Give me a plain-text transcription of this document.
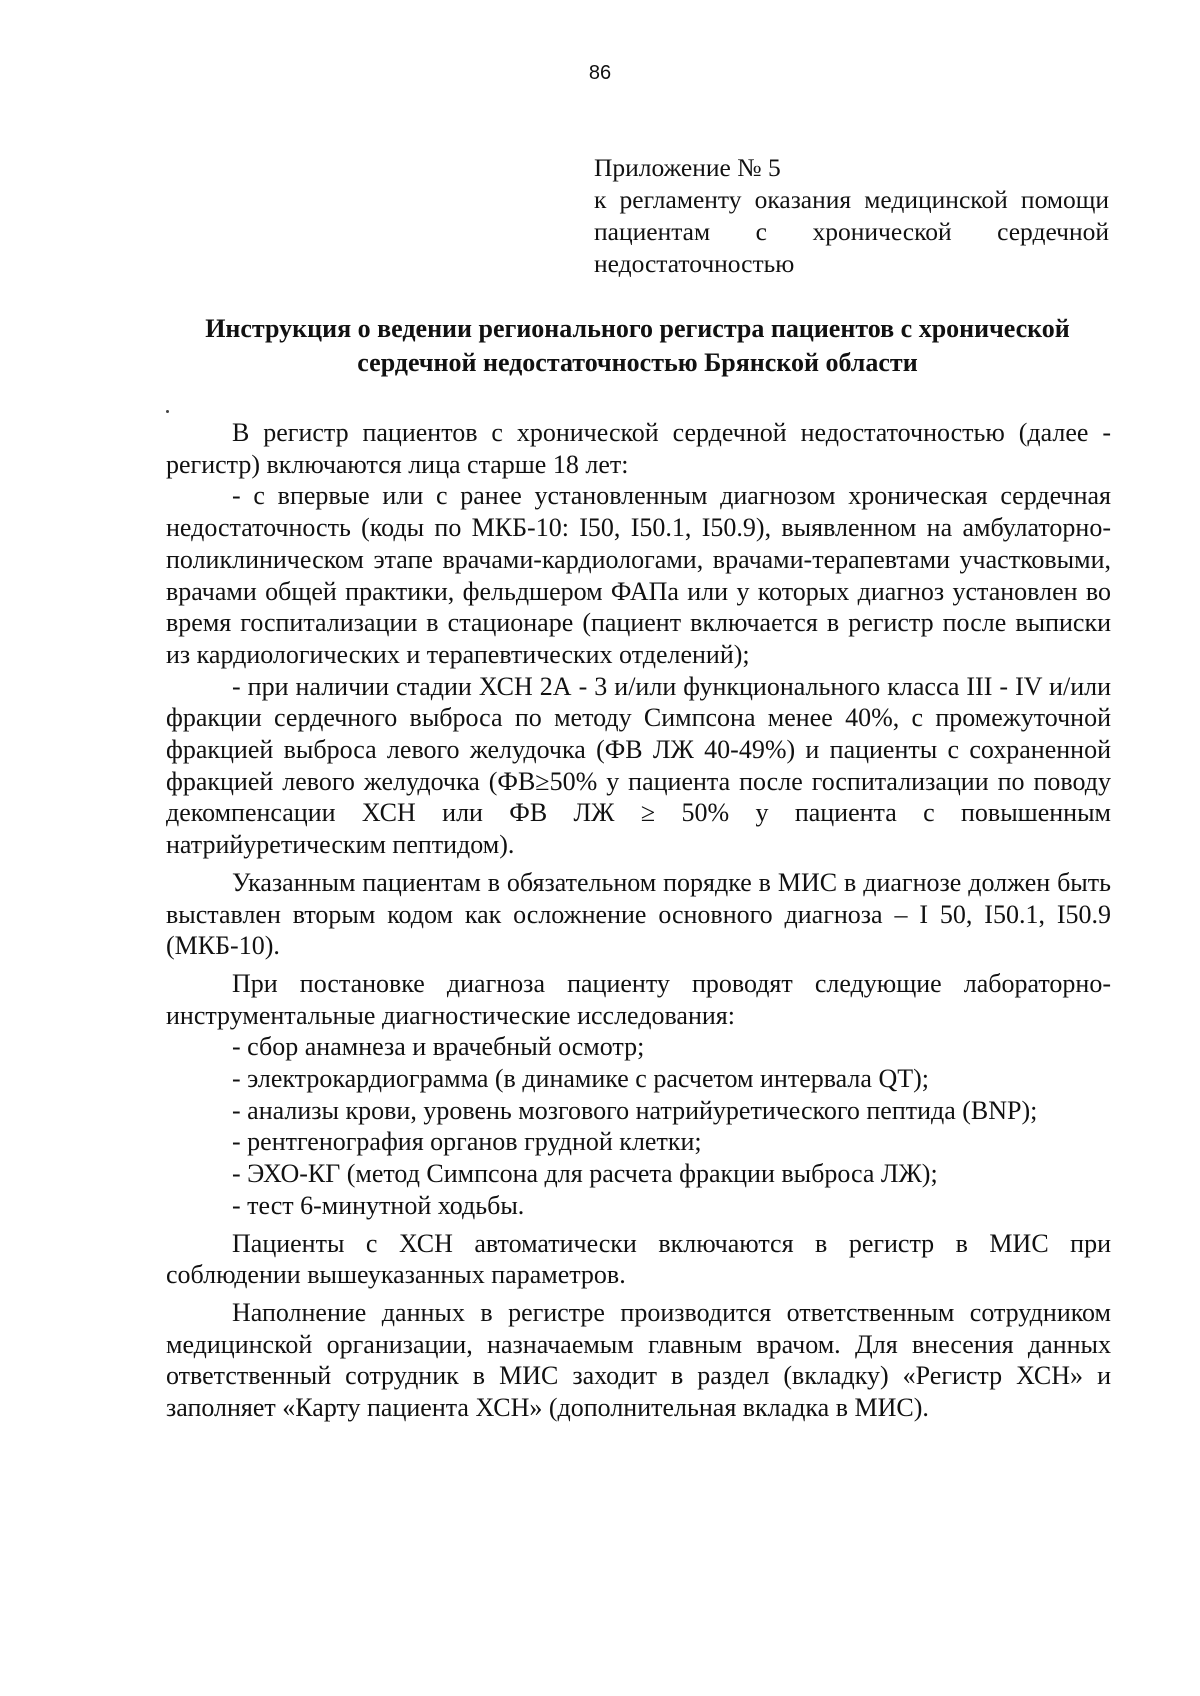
86
Приложение № 5
к регламенту оказания медицинской помощи пациентам с хронической сердечной недостаточностью
Инструкция о ведении регионального регистра пациентов с хронической сердечной недостаточностью Брянской области

В регистр пациентов с хронической сердечной недостаточностью (далее - регистр) включаются лица старше 18 лет:

- с впервые или с ранее установленным диагнозом хроническая сердечная недостаточность (коды по МКБ-10: I50, I50.1, I50.9), выявленном на амбулаторно-поликлиническом этапе врачами-кардиологами, врачами-терапевтами участковыми, врачами общей практики, фельдшером ФАПа или у которых диагноз установлен во время госпитализации в стационаре (пациент включается в регистр после выписки из кардиологических и терапевтических отделений);

- при наличии стадии ХСН 2А - 3 и/или функционального класса III - IV и/или фракции сердечного выброса по методу Симпсона менее 40%, с промежуточной фракцией выброса левого желудочка (ФВ ЛЖ 40-49%) и пациенты с сохраненной фракцией левого желудочка (ФВ≥50% у пациента после госпитализации по поводу декомпенсации ХСН или ФВ ЛЖ ≥ 50% у пациента с повышенным натрийуретическим пептидом).

Указанным пациентам в обязательном порядке в МИС в диагнозе должен быть выставлен вторым кодом как осложнение основного диагноза – I 50, I50.1, I50.9 (МКБ-10).

При постановке диагноза пациенту проводят следующие лабораторно-инструментальные диагностические исследования:

- сбор анамнеза и врачебный осмотр;

- электрокардиограмма (в динамике с расчетом интервала QT);

- анализы крови, уровень мозгового натрийуретического пептида (BNP);

- рентгенография органов грудной клетки;

- ЭХО-КГ (метод Симпсона для расчета фракции выброса ЛЖ);

- тест 6-минутной ходьбы.

Пациенты с ХСН автоматически включаются в регистр в МИС при соблюдении вышеуказанных параметров.

Наполнение данных в регистре производится ответственным сотрудником медицинской организации, назначаемым главным врачом. Для внесения данных ответственный сотрудник в МИС заходит в раздел (вкладку) «Регистр ХСН» и заполняет «Карту пациента ХСН» (дополнительная вкладка в МИС).
